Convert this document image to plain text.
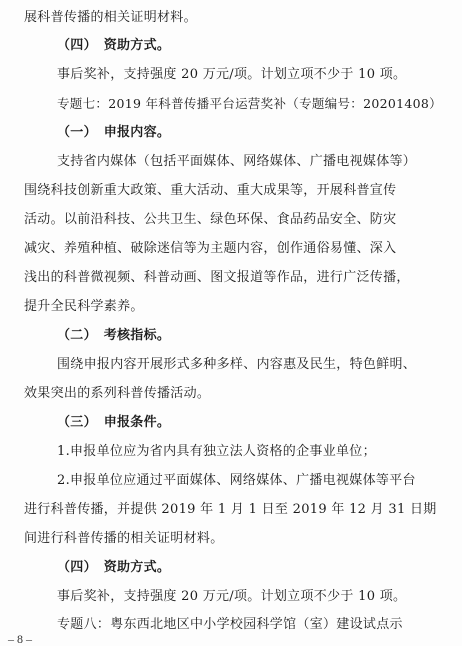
展科普传播的相关证明材料。
（四）　资助方式。
事后奖补，支持强度 20 万元/项。计划立项不少于 10 项。
专题七：2019 年科普传播平台运营奖补（专题编号：20201408）
（一）　申报内容。
支持省内媒体（包括平面媒体、网络媒体、广播电视媒体等）
围绕科技创新重大政策、重大活动、重大成果等，开展科普宣传
活动。以前沿科技、公共卫生、绿色环保、食品药品安全、防灾
减灾、养殖种植、破除迷信等为主题内容，创作通俗易懂、深入
浅出的科普微视频、科普动画、图文报道等作品，进行广泛传播，
提升全民科学素养。
（二）　考核指标。
围绕申报内容开展形式多种多样、内容惠及民生，特色鲜明、
效果突出的系列科普传播活动。
（三）　申报条件。
1.申报单位应为省内具有独立法人资格的企事业单位；
2.申报单位应通过平面媒体、网络媒体、广播电视媒体等平台
进行科普传播，并提供 2019 年 1 月 1 日至 2019 年 12 月 31 日期
间进行科普传播的相关证明材料。
（四）　资助方式。
事后奖补，支持强度 20 万元/项。计划立项不少于 10 项。
专题八：粤东西北地区中小学校园科学馆（室）建设试点示
– 8 –
